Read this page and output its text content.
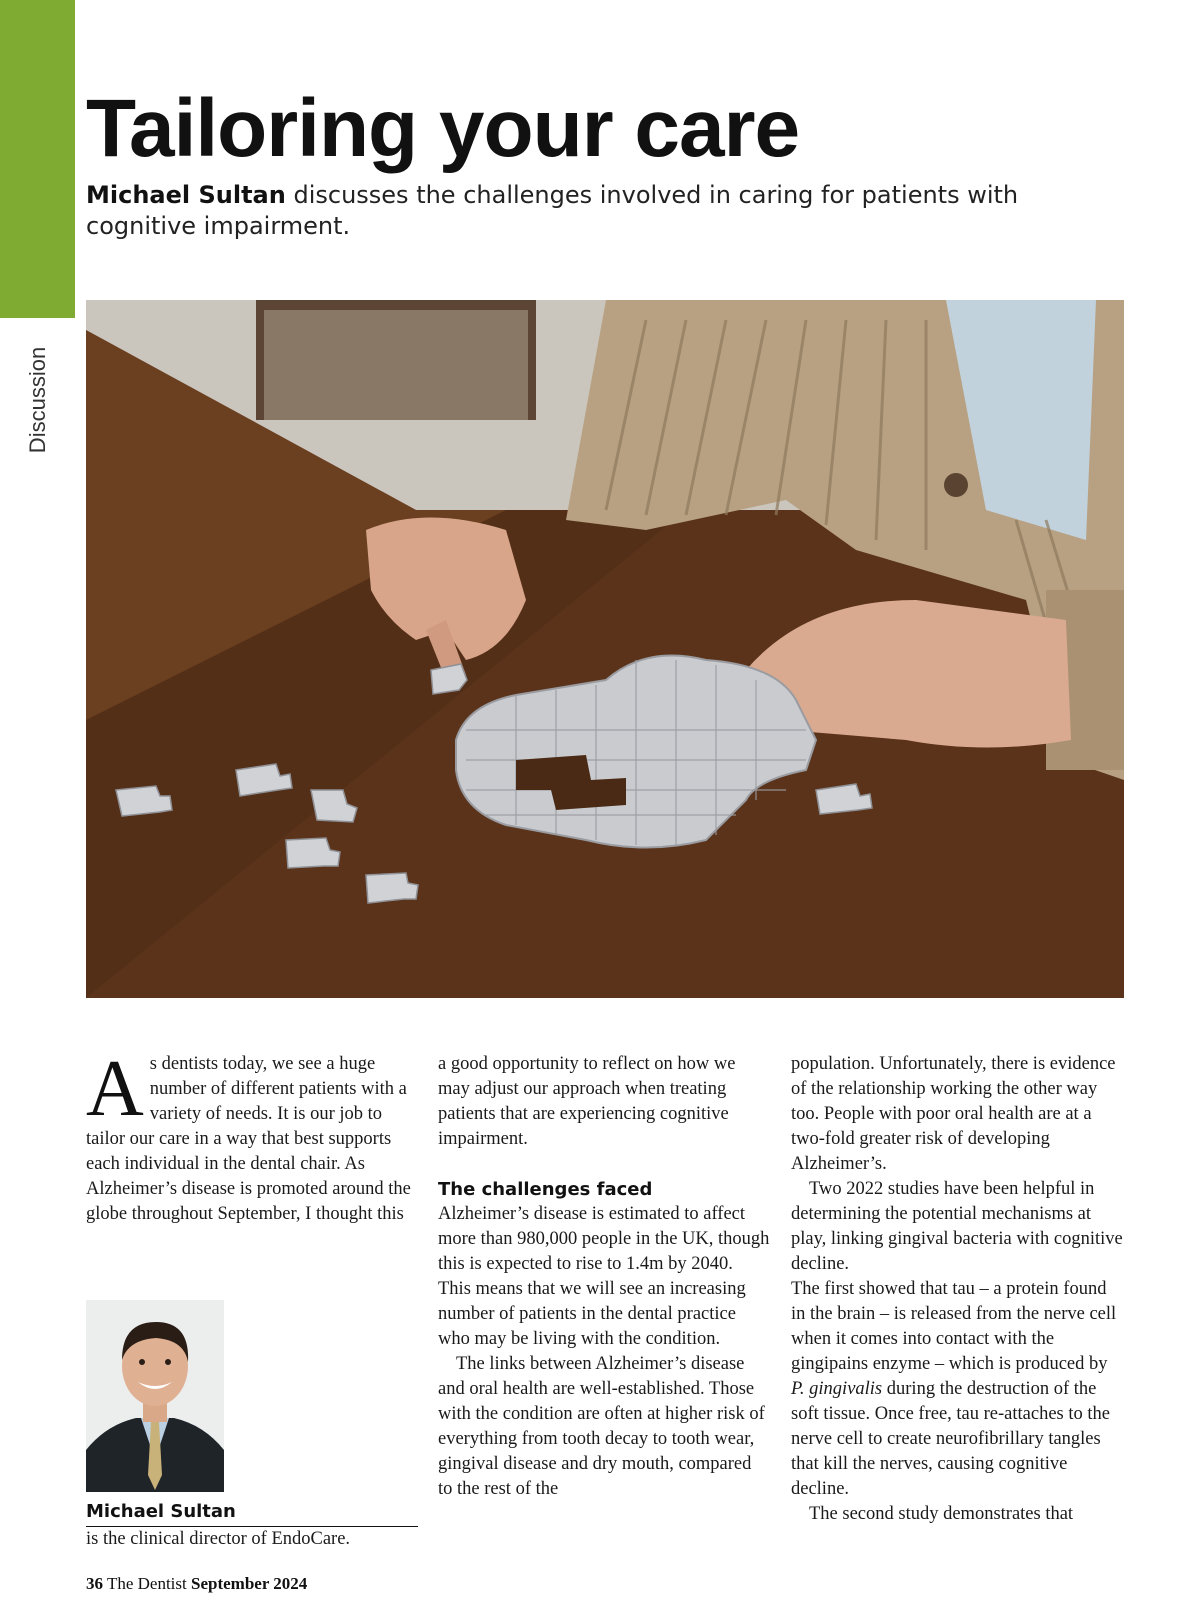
Discussion
Tailoring your care

Michael Sultan discusses the challenges involved in caring for patients with cognitive impairment.

As dentists today, we see a huge number of different patients with a variety of needs. It is our job to tailor our care in a way that best supports each individual in the dental chair. As Alzheimer’s disease is promoted around the globe throughout September, I thought this

a good opportunity to reflect on how we may adjust our approach when treating patients that are experiencing cognitive impairment.

The challenges faced

Alzheimer’s disease is estimated to affect more than 980,000 people in the UK, though this is expected to rise to 1.4m by 2040. This means that we will see an increasing number of patients in the dental practice who may be living with the condition.

The links between Alzheimer’s disease and oral health are well-established. Those with the condition are often at higher risk of everything from tooth decay to tooth wear, gingival disease and dry mouth, compared to the rest of the

population. Unfortunately, there is evidence of the relationship working the other way too. People with poor oral health are at a two-fold greater risk of developing Alzheimer’s.

Two 2022 studies have been helpful in determining the potential mechanisms at play, linking gingival bacteria with cognitive decline.

The first showed that tau – a protein found in the brain – is released from the nerve cell when it comes into contact with the gingipains enzyme – which is produced by P. gingivalis during the destruction of the soft tissue. Once free, tau re-attaches to the nerve cell to create neurofibrillary tangles that kill the nerves, causing cognitive decline.

The second study demonstrates that

Michael Sultan
is the clinical director of EndoCare.
36 The Dentist September 2024
